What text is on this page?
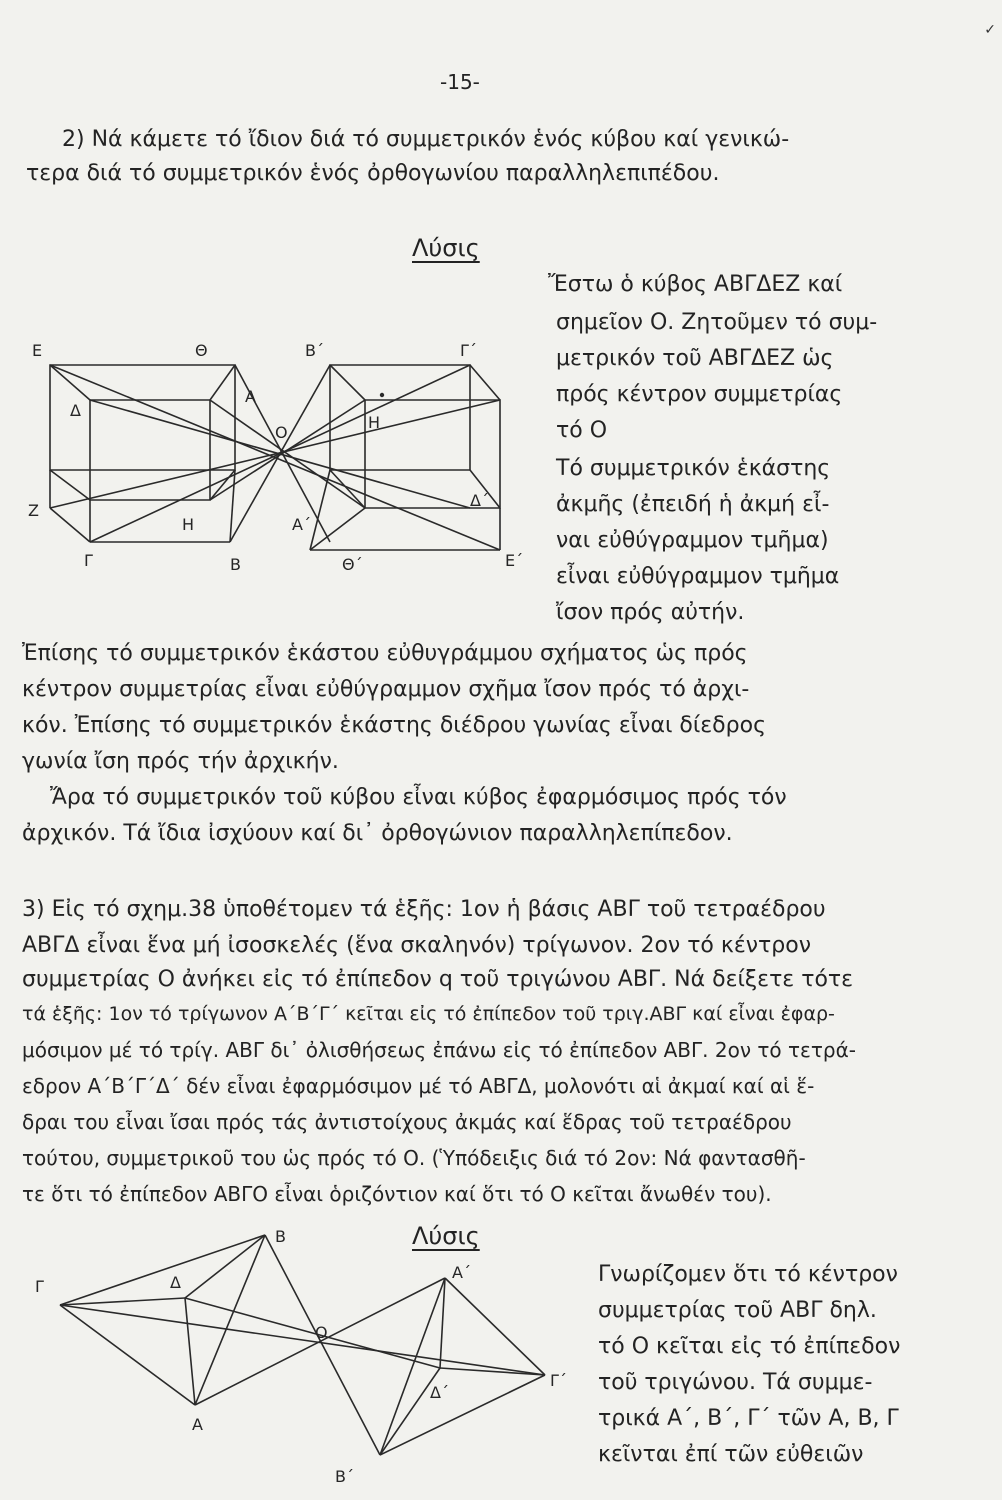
✓
-15-

2) Νά κάμετε τό ἴδιον διά τό συμμετρικόν ἑνός κύβου καί γενικώ-

τερα διά τό συμμετρικόν ἑνός ὀρθογωνίου παραλληλεπιπέδου.

Λύσις
Ἔστω ὁ κύβος ΑΒΓΔΕΖ καί
σημεῖον Ο. Ζητοῦμεν τό συμ-
μετρικόν τοῦ ΑΒΓΔΕΖ ὡς
πρός κέντρον συμμετρίας
τό Ο
Τό συμμετρικόν ἑκάστης
ἀκμῆς (ἐπειδή ἡ ἀκμή εἶ-
ναι εὐθύγραμμον τμῆμα)
εἶναι εὐθύγραμμον τμῆμα
ἴσον πρός αὐτήν.
Ε	Θ	Β΄	Γ΄
Δ
Α
Ο
Η
Ζ
Η	Α΄
Δ΄
Γ	Β	Θ΄	Ε΄

Ἐπίσης τό συμμετρικόν ἑκάστου εὐθυγράμμου σχήματος ὡς πρός

κέντρον συμμετρίας εἶναι εὐθύγραμμον σχῆμα ἴσον πρός τό ἀρχι-

κόν. Ἐπίσης τό συμμετρικόν ἑκάστης διέδρου γωνίας εἶναι δίεδρος

γωνία ἴση πρός τήν ἀρχικήν.

Ἄρα τό συμμετρικόν τοῦ κύβου εἶναι κύβος ἐφαρμόσιμος πρός τόν

ἀρχικόν. Τά ἴδια ἰσχύουν καί δι᾽ ὀρθογώνιον παραλληλεπίπεδον.

3) Εἰς τό σχημ.38 ὑποθέτομεν τά ἑξῆς: 1ον ἡ βάσις ΑΒΓ τοῦ τετραέδρου

ΑΒΓΔ εἶναι ἕνα μή ἰσοσκελές (ἕνα σκαληνόν) τρίγωνον. 2ον τό κέντρον

συμμετρίας Ο ἀνήκει εἰς τό ἐπίπεδον q τοῦ τριγώνου ΑΒΓ. Νά δείξετε τότε

τά ἑξῆς: 1ον τό τρίγωνον Α΄Β΄Γ΄ κεῖται εἰς τό ἐπίπεδον τοῦ τριγ.ΑΒΓ καί εἶναι ἐφαρ-

μόσιμον μέ τό τρίγ. ΑΒΓ δι᾽ ὀλισθήσεως ἐπάνω εἰς τό ἐπίπεδον ΑΒΓ. 2ον τό τετρά-

εδρον Α΄Β΄Γ΄Δ΄ δέν εἶναι ἐφαρμόσιμον μέ τό ΑΒΓΔ, μολονότι αἱ ἀκμαί καί αἱ ἕ-

δραι του εἶναι ἴσαι πρός τάς ἀντιστοίχους ἀκμάς καί ἕδρας τοῦ τετραέδρου

τούτου, συμμετρικοῦ του ὡς πρός τό Ο. (Ὑπόδειξις διά τό 2ον: Νά φαντασθῆ-

τε ὅτι τό ἐπίπεδον ΑΒΓΟ εἶναι ὁριζόντιον καί ὅτι τό Ο κεῖται ἄνωθέν του).

Λύσις
Β
Γ	Δ
Α΄
Ο
Α
Δ΄
Γ΄
Β΄
Γνωρίζομεν ὅτι τό κέντρον
συμμετρίας τοῦ ΑΒΓ δηλ.
τό Ο κεῖται εἰς τό ἐπίπεδον
τοῦ τριγώνου. Τά συμμε-
τρικά Α΄, Β΄, Γ΄ τῶν Α, Β, Γ
κεῖνται ἐπί τῶν εὐθειῶν
